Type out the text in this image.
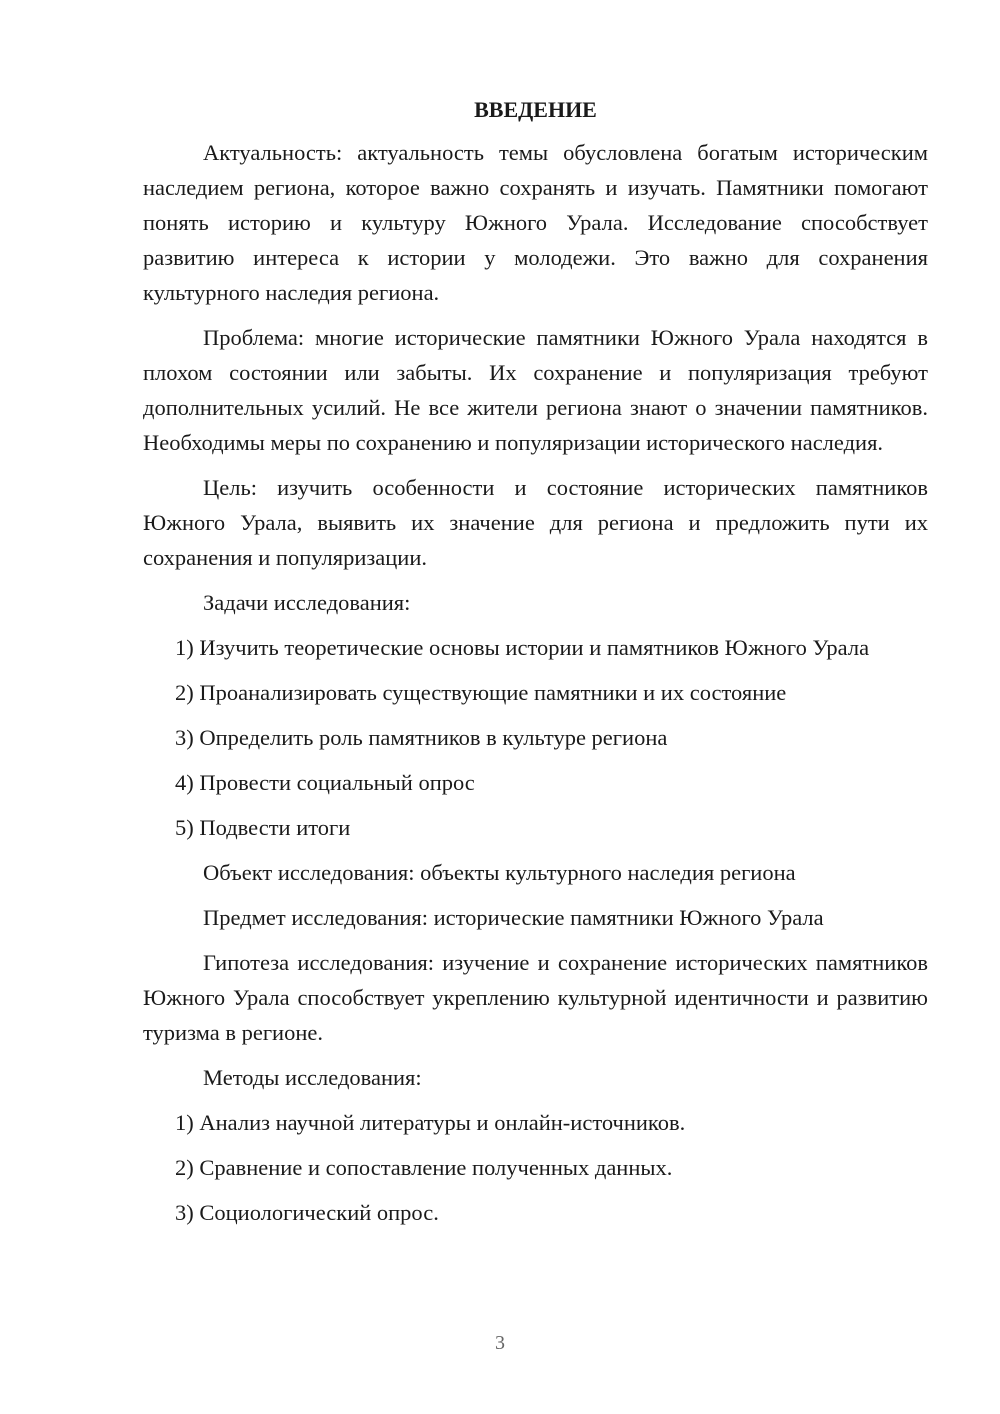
ВВЕДЕНИЕ

Актуальность: актуальность темы обусловлена богатым историческим наследием региона, которое важно сохранять и изучать. Памятники помогают понять историю и культуру Южного Урала. Исследование способствует развитию интереса к истории у молодежи. Это важно для сохранения культурного наследия региона.

Проблема: многие исторические памятники Южного Урала находятся в плохом состоянии или забыты. Их сохранение и популяризация требуют дополнительных усилий. Не все жители региона знают о значении памятников. Необходимы меры по сохранению и популяризации исторического наследия.

Цель: изучить особенности и состояние исторических памятников Южного Урала, выявить их значение для региона и предложить пути их сохранения и популяризации.

Задачи исследования:

1) Изучить теоретические основы истории и памятников Южного Урала

2) Проанализировать существующие памятники и их состояние

3) Определить роль памятников в культуре региона

4) Провести социальный опрос

5) Подвести итоги

Объект исследования: объекты культурного наследия региона

Предмет исследования: исторические памятники Южного Урала

Гипотеза исследования: изучение и сохранение исторических памятников Южного Урала способствует укреплению культурной идентичности и развитию туризма в регионе.

Методы исследования:

1) Анализ научной литературы и онлайн-источников.

2) Сравнение и сопоставление полученных данных.

3) Социологический опрос.

3
